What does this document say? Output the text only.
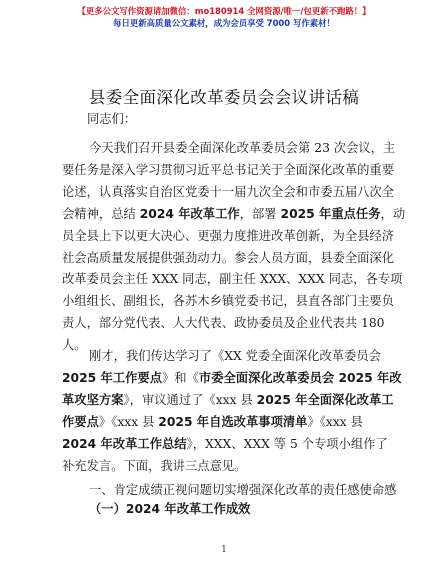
【更多公文写作资源请加微信：mo180914 全网资源/唯一/包更新不跑路！】
每日更新高质量公文素材，成为会员享受 7000 写作素材！
县委全面深化改革委员会会议讲话稿
同志们：
今天我们召开县委全面深化改革委员会第 23 次会议，主
要任务是深入学习贯彻习近平总书记关于全面深化改革的重要
论述，认真落实自治区党委十一届九次全会和市委五届八次全
会精神，总结 2024 年改革工作，部署 2025 年重点任务，动
员全县上下以更大决心、更强力度推进改革创新，为全县经济
社会高质量发展提供强劲动力。参会人员方面，县委全面深化
改革委员会主任 XXX 同志，副主任 XXX、XXX 同志，各专项
小组组长、副组长，各苏木乡镇党委书记，县直各部门主要负
责人，部分党代表、人大代表、政协委员及企业代表共 180
人。
刚才，我们传达学习了《XX 党委全面深化改革委员会
2025 年工作要点》和《市委全面深化改革委员会 2025 年改
革攻坚方案》，审议通过了《xxx 县 2025 年全面深化改革工
作要点》《xxx 县 2025 年自选改革事项清单》《xxx 县
2024 年改革工作总结》，XXX、XXX 等 5 个专项小组作了
补充发言。下面，我讲三点意见。
一、肯定成绩正视问题切实增强深化改革的责任感使命感
（一）2024 年改革工作成效
1
